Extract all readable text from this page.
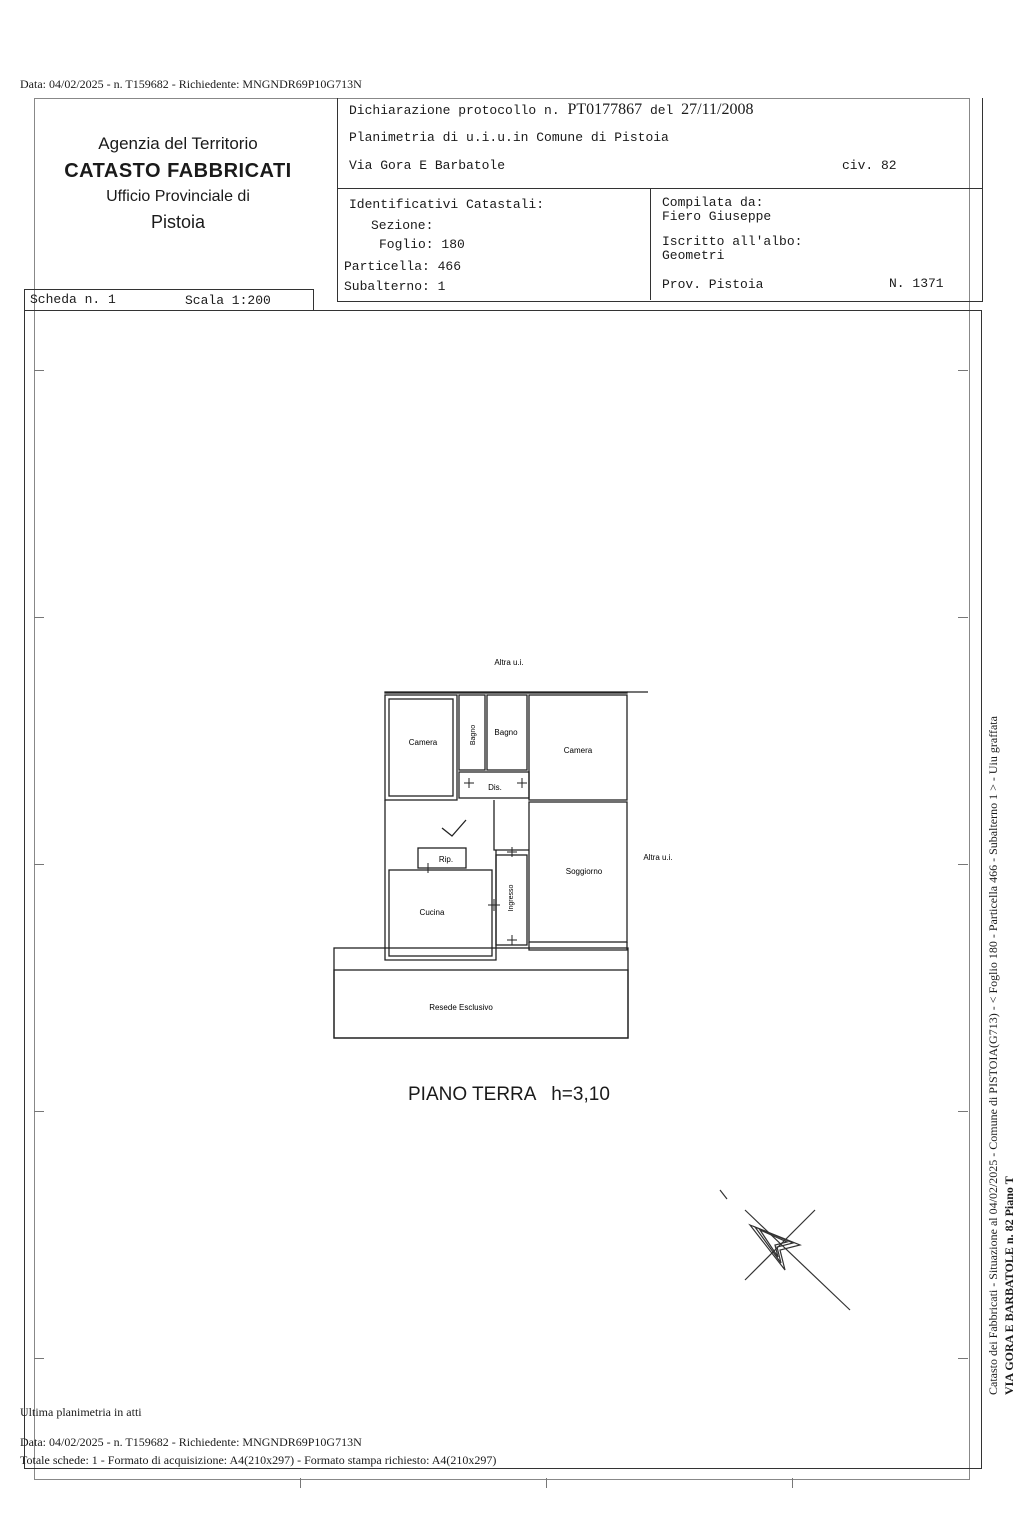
Data: 04/02/2025 - n. T159682 - Richiedente: MNGNDR69P10G713N
Agenzia del Territorio
CATASTO FABBRICATI
Ufficio Provinciale di
Pistoia
Dichiarazione protocollo n. PT0177867 del 27/11/2008
Planimetria di u.i.u.in Comune di Pistoia
Via Gora E Barbatole	civ. 82
Identificativi Catastali:
Sezione:
Foglio: 180
Particella: 466
Subalterno: 1
Compilata da:
Fiero Giuseppe
Iscritto all'albo:
Geometri
Prov. Pistoia	N. 1371
Scheda n. 1	Scala 1:200
Altra u.i.
Camera	Bagno Bagno
Camera
Dis.
Rip.
Soggiorno
Altra u.i.
Ingresso
Cucina
Resede Esclusivo
PIANO TERRA   h=3,10
Ultima planimetria in atti
Data: 04/02/2025 - n. T159682 - Richiedente: MNGNDR69P10G713N
Totale schede: 1 - Formato di acquisizione: A4(210x297) - Formato stampa richiesto: A4(210x297)
Catasto dei Fabbricati - Situazione al 04/02/2025 - Comune di PISTOIA(G713) - < Foglio 180 - Particella 466 - Subalterno 1 > - Uiu graffata VIA GORA E BARBATOLE n. 82 Piano T
